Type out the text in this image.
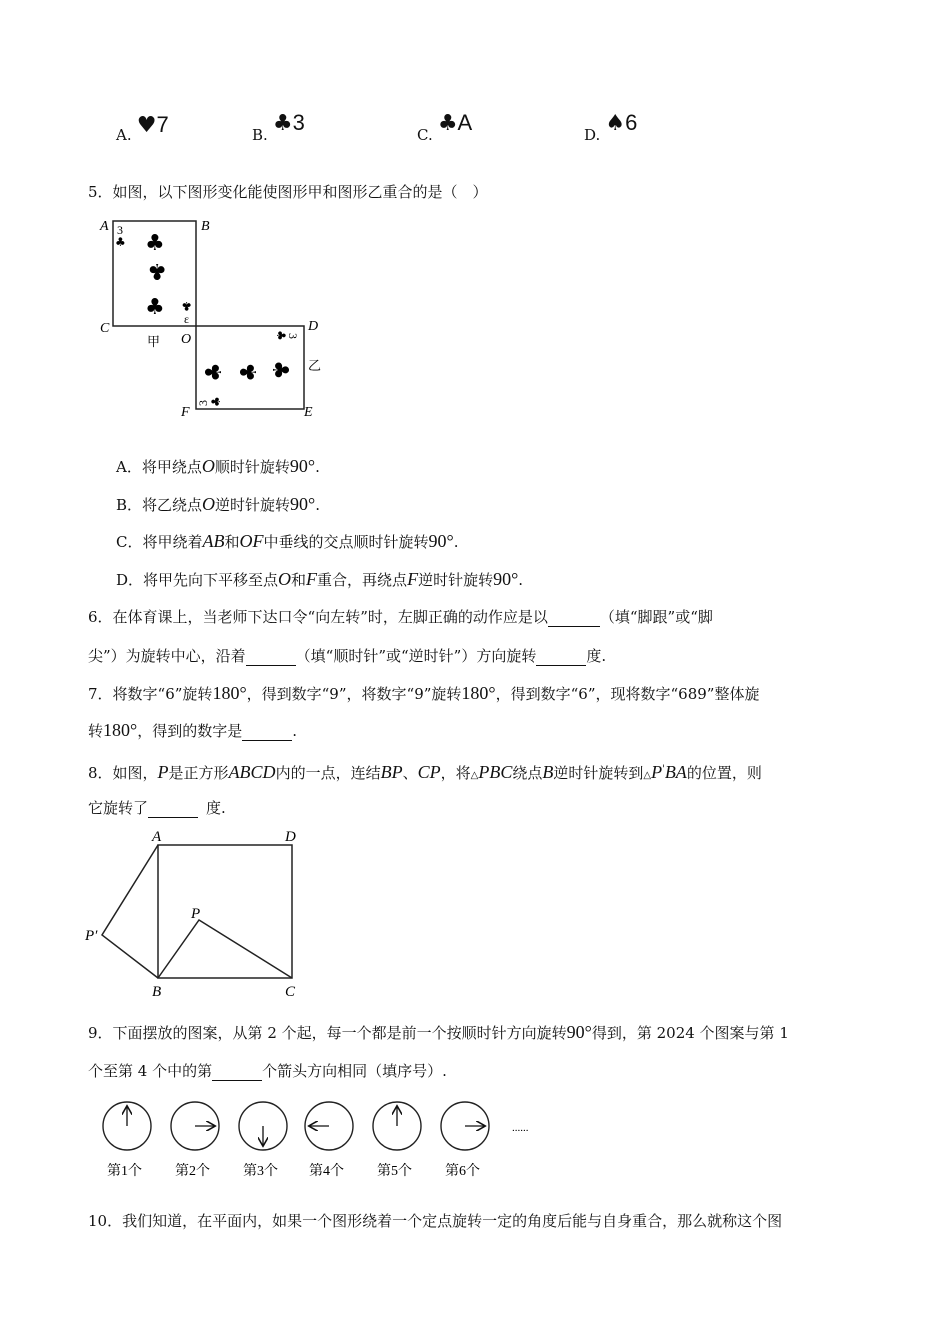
A. ♥7	B. ♣3	C. ♣A	D. ♠6
5．如图，以下图形变化能使图形甲和图形乙重合的是（　）
A	B
C
O
D
E
F
甲
乙
3
♣ ♣
♣
♣ ♣
ε
♣
3
♣ ♣ ♣
3 ♣
A．将甲绕点O顺时针旋转90°.
B．将乙绕点O逆时针旋转90°.
C．将甲绕着AB和OF中垂线的交点顺时针旋转90°.
D．将甲先向下平移至点O和F重合，再绕点F逆时针旋转90°.
6．在体育课上，当老师下达口令“向左转”时，左脚正确的动作应是以	（填“脚跟”或“脚
尖”）为旋转中心，沿着	（填“顺时针”或“逆时针”）方向旋转	度.
7．将数字“6”旋转180°，得到数字“9”，将数字“9”旋转180°，得到数字“6”，现将数字“689”整体旋
转180°，得到的数字是	.
8．如图，P是正方形ABCD内的一点，连结BP、CP，将△PBC绕点B逆时针旋转到△P'BA的位置，则
它旋转了	度.
A	D
B	C
P
P′
9．下面摆放的图案，从第 2 个起，每一个都是前一个按顺时针方向旋转90°得到，第 2024 个图案与第 1
个至第 4 个中的第	个箭头方向相同（填序号）.
第1个 第2个 第3个 第4个 第5个 第6个
......
10．我们知道，在平面内，如果一个图形绕着一个定点旋转一定的角度后能与自身重合，那么就称这个图
